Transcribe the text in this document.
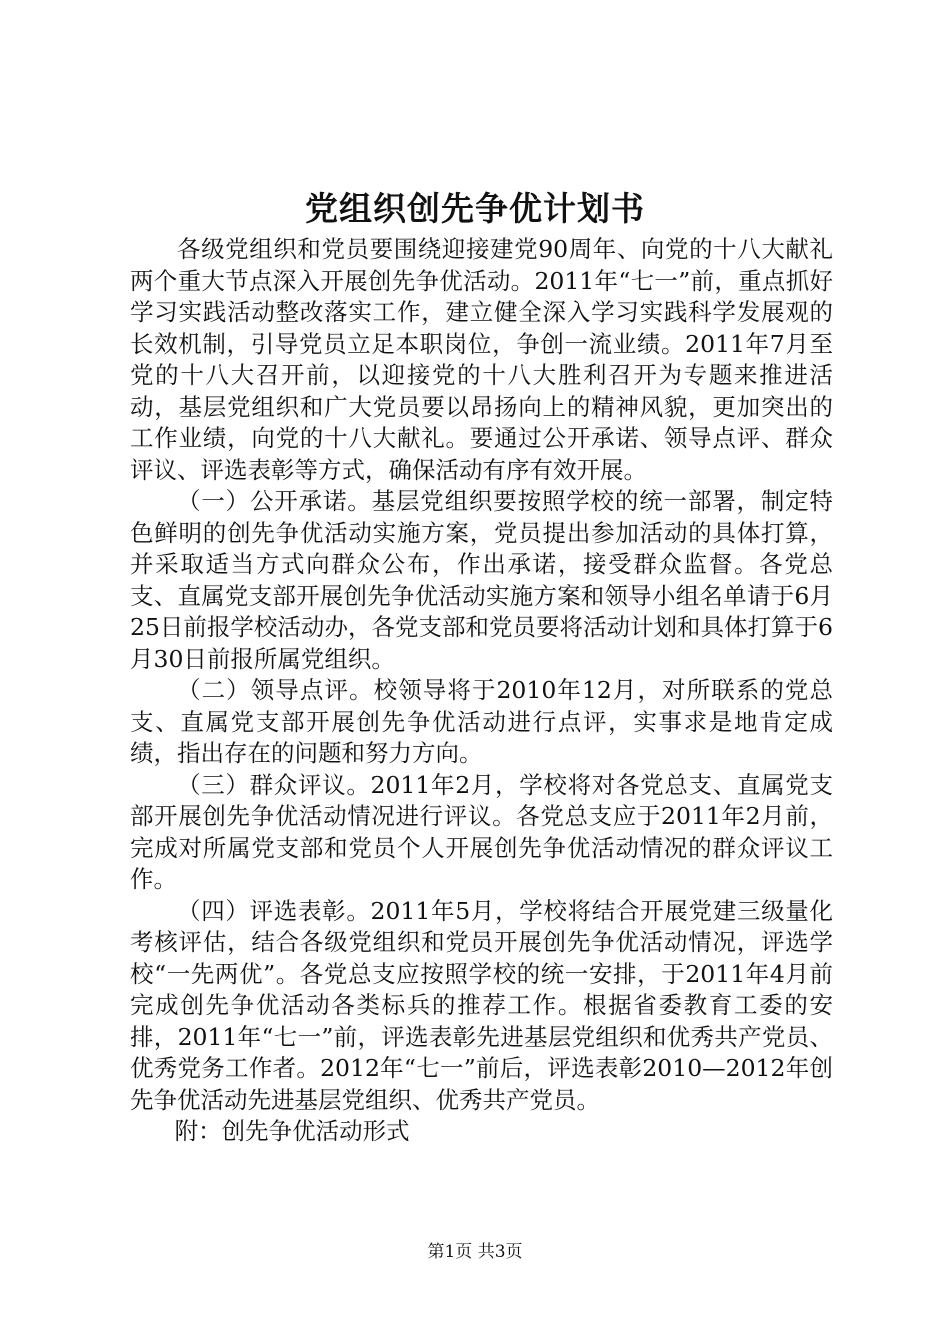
党组织创先争优计划书

各级党组织和党员要围绕迎接建党90周年、向党的十八大献礼两个重大节点深入开展创先争优活动。2011年“七一”前，重点抓好学习实践活动整改落实工作，建立健全深入学习实践科学发展观的长效机制，引导党员立足本职岗位，争创一流业绩。2011年7月至党的十八大召开前，以迎接党的十八大胜利召开为专题来推进活动，基层党组织和广大党员要以昂扬向上的精神风貌，更加突出的工作业绩，向党的十八大献礼。要通过公开承诺、领导点评、群众评议、评选表彰等方式，确保活动有序有效开展。

（一）公开承诺。基层党组织要按照学校的统一部署，制定特色鲜明的创先争优活动实施方案，党员提出参加活动的具体打算，并采取适当方式向群众公布，作出承诺，接受群众监督。各党总支、直属党支部开展创先争优活动实施方案和领导小组名单请于6月25日前报学校活动办，各党支部和党员要将活动计划和具体打算于6月30日前报所属党组织。

（二）领导点评。校领导将于2010年12月，对所联系的党总支、直属党支部开展创先争优活动进行点评，实事求是地肯定成绩，指出存在的问题和努力方向。

（三）群众评议。2011年2月，学校将对各党总支、直属党支部开展创先争优活动情况进行评议。各党总支应于2011年2月前，完成对所属党支部和党员个人开展创先争优活动情况的群众评议工作。

（四）评选表彰。2011年5月，学校将结合开展党建三级量化考核评估，结合各级党组织和党员开展创先争优活动情况，评选学校“一先两优”。各党总支应按照学校的统一安排，于2011年4月前完成创先争优活动各类标兵的推荐工作。根据省委教育工委的安排，2011年“七一”前，评选表彰先进基层党组织和优秀共产党员、优秀党务工作者。2012年“七一”前后，评选表彰2010—2012年创先争优活动先进基层党组织、优秀共产党员。

附：创先争优活动形式

第1页 共3页
